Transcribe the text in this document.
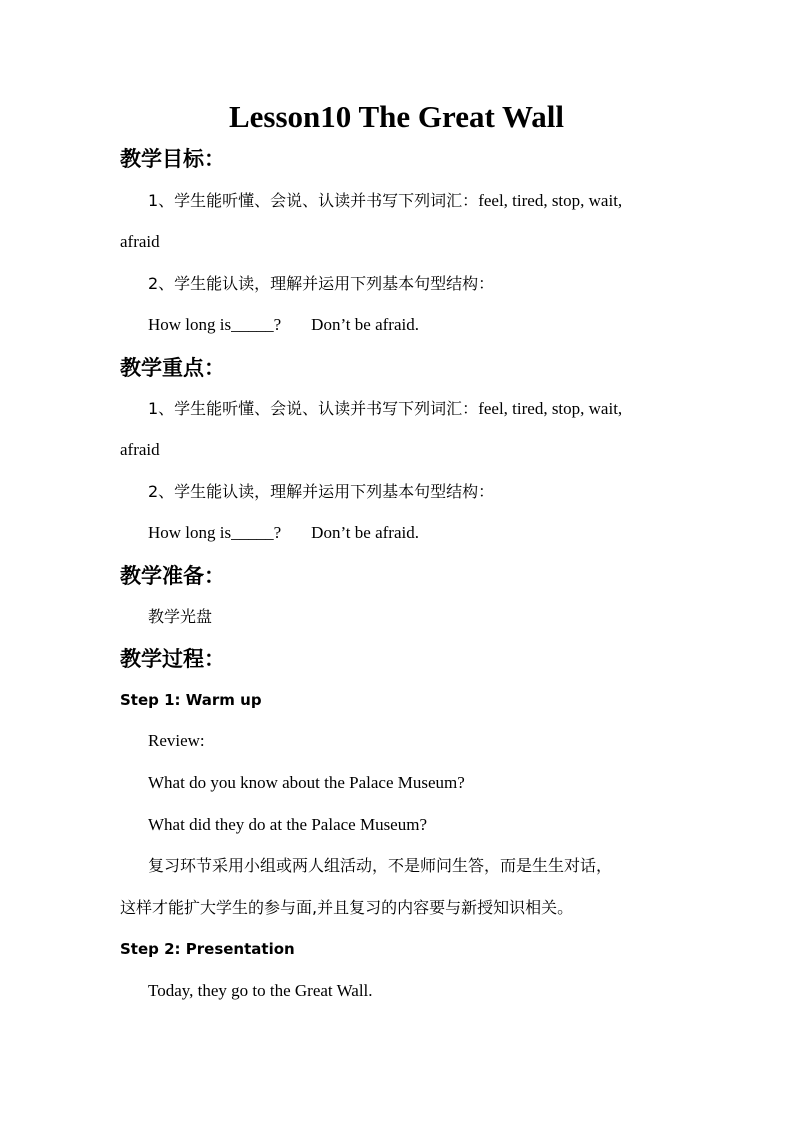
Lesson10 The Great Wall
教学目标：
1、学生能听懂、会说、认读并书写下列词汇：feel, tired, stop, wait,
afraid
2、学生能认读，理解并运用下列基本句型结构：
How long is_____? Don’t be afraid.
教学重点：
1、学生能听懂、会说、认读并书写下列词汇：feel, tired, stop, wait,
afraid
2、学生能认读，理解并运用下列基本句型结构：
How long is_____? Don’t be afraid.
教学准备：
教学光盘
教学过程：
Step 1: Warm up
Review:
What do you know about the Palace Museum?
What did they do at the Palace Museum?
复习环节采用小组或两人组活动，不是师问生答，而是生生对话，
这样才能扩大学生的参与面,并且复习的内容要与新授知识相关。
Step 2: Presentation
Today, they go to the Great Wall.
